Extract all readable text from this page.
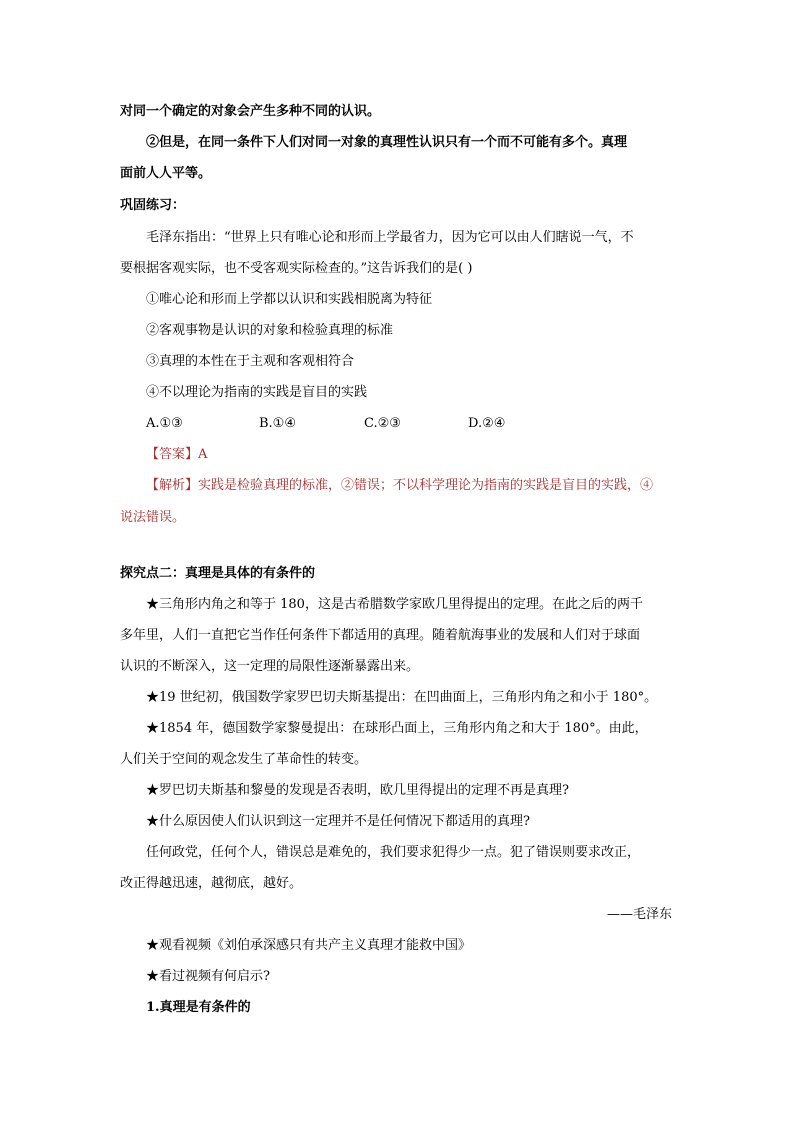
对同一个确定的对象会产生多种不同的认识。
②但是，在同一条件下人们对同一对象的真理性认识只有一个而不可能有多个。真理
面前人人平等。
巩固练习：
毛泽东指出：“世界上只有唯心论和形而上学最省力，因为它可以由人们瞎说一气，不
要根据客观实际，也不受客观实际检查的。”这告诉我们的是( )
①唯心论和形而上学都以认识和实践相脱离为特征
②客观事物是认识的对象和检验真理的标准
③真理的本性在于主观和客观相符合
④不以理论为指南的实践是盲目的实践
A.①③	B.①④	C.②③	D.②④
【答案】A
【解析】实践是检验真理的标准，②错误；不以科学理论为指南的实践是盲目的实践，④
说法错误。
探究点二：真理是具体的有条件的
★三角形内角之和等于 180，这是古希腊数学家欧几里得提出的定理。在此之后的两千
多年里，人们一直把它当作任何条件下都适用的真理。随着航海事业的发展和人们对于球面
认识的不断深入，这一定理的局限性逐渐暴露出来。
★19 世纪初，俄国数学家罗巴切夫斯基提出：在凹曲面上，三角形内角之和小于 180°。
★1854 年，德国数学家黎曼提出：在球形凸面上，三角形内角之和大于 180°。由此，
人们关于空间的观念发生了革命性的转变。
★罗巴切夫斯基和黎曼的发现是否表明，欧几里得提出的定理不再是真理?
★什么原因使人们认识到这一定理并不是任何情况下都适用的真理?
任何政党，任何个人，错误总是难免的，我们要求犯得少一点。犯了错误则要求改正，
改正得越迅速，越彻底，越好。
——毛泽东
★观看视频《刘伯承深感只有共产主义真理才能救中国》
★看过视频有何启示?
1.真理是有条件的
